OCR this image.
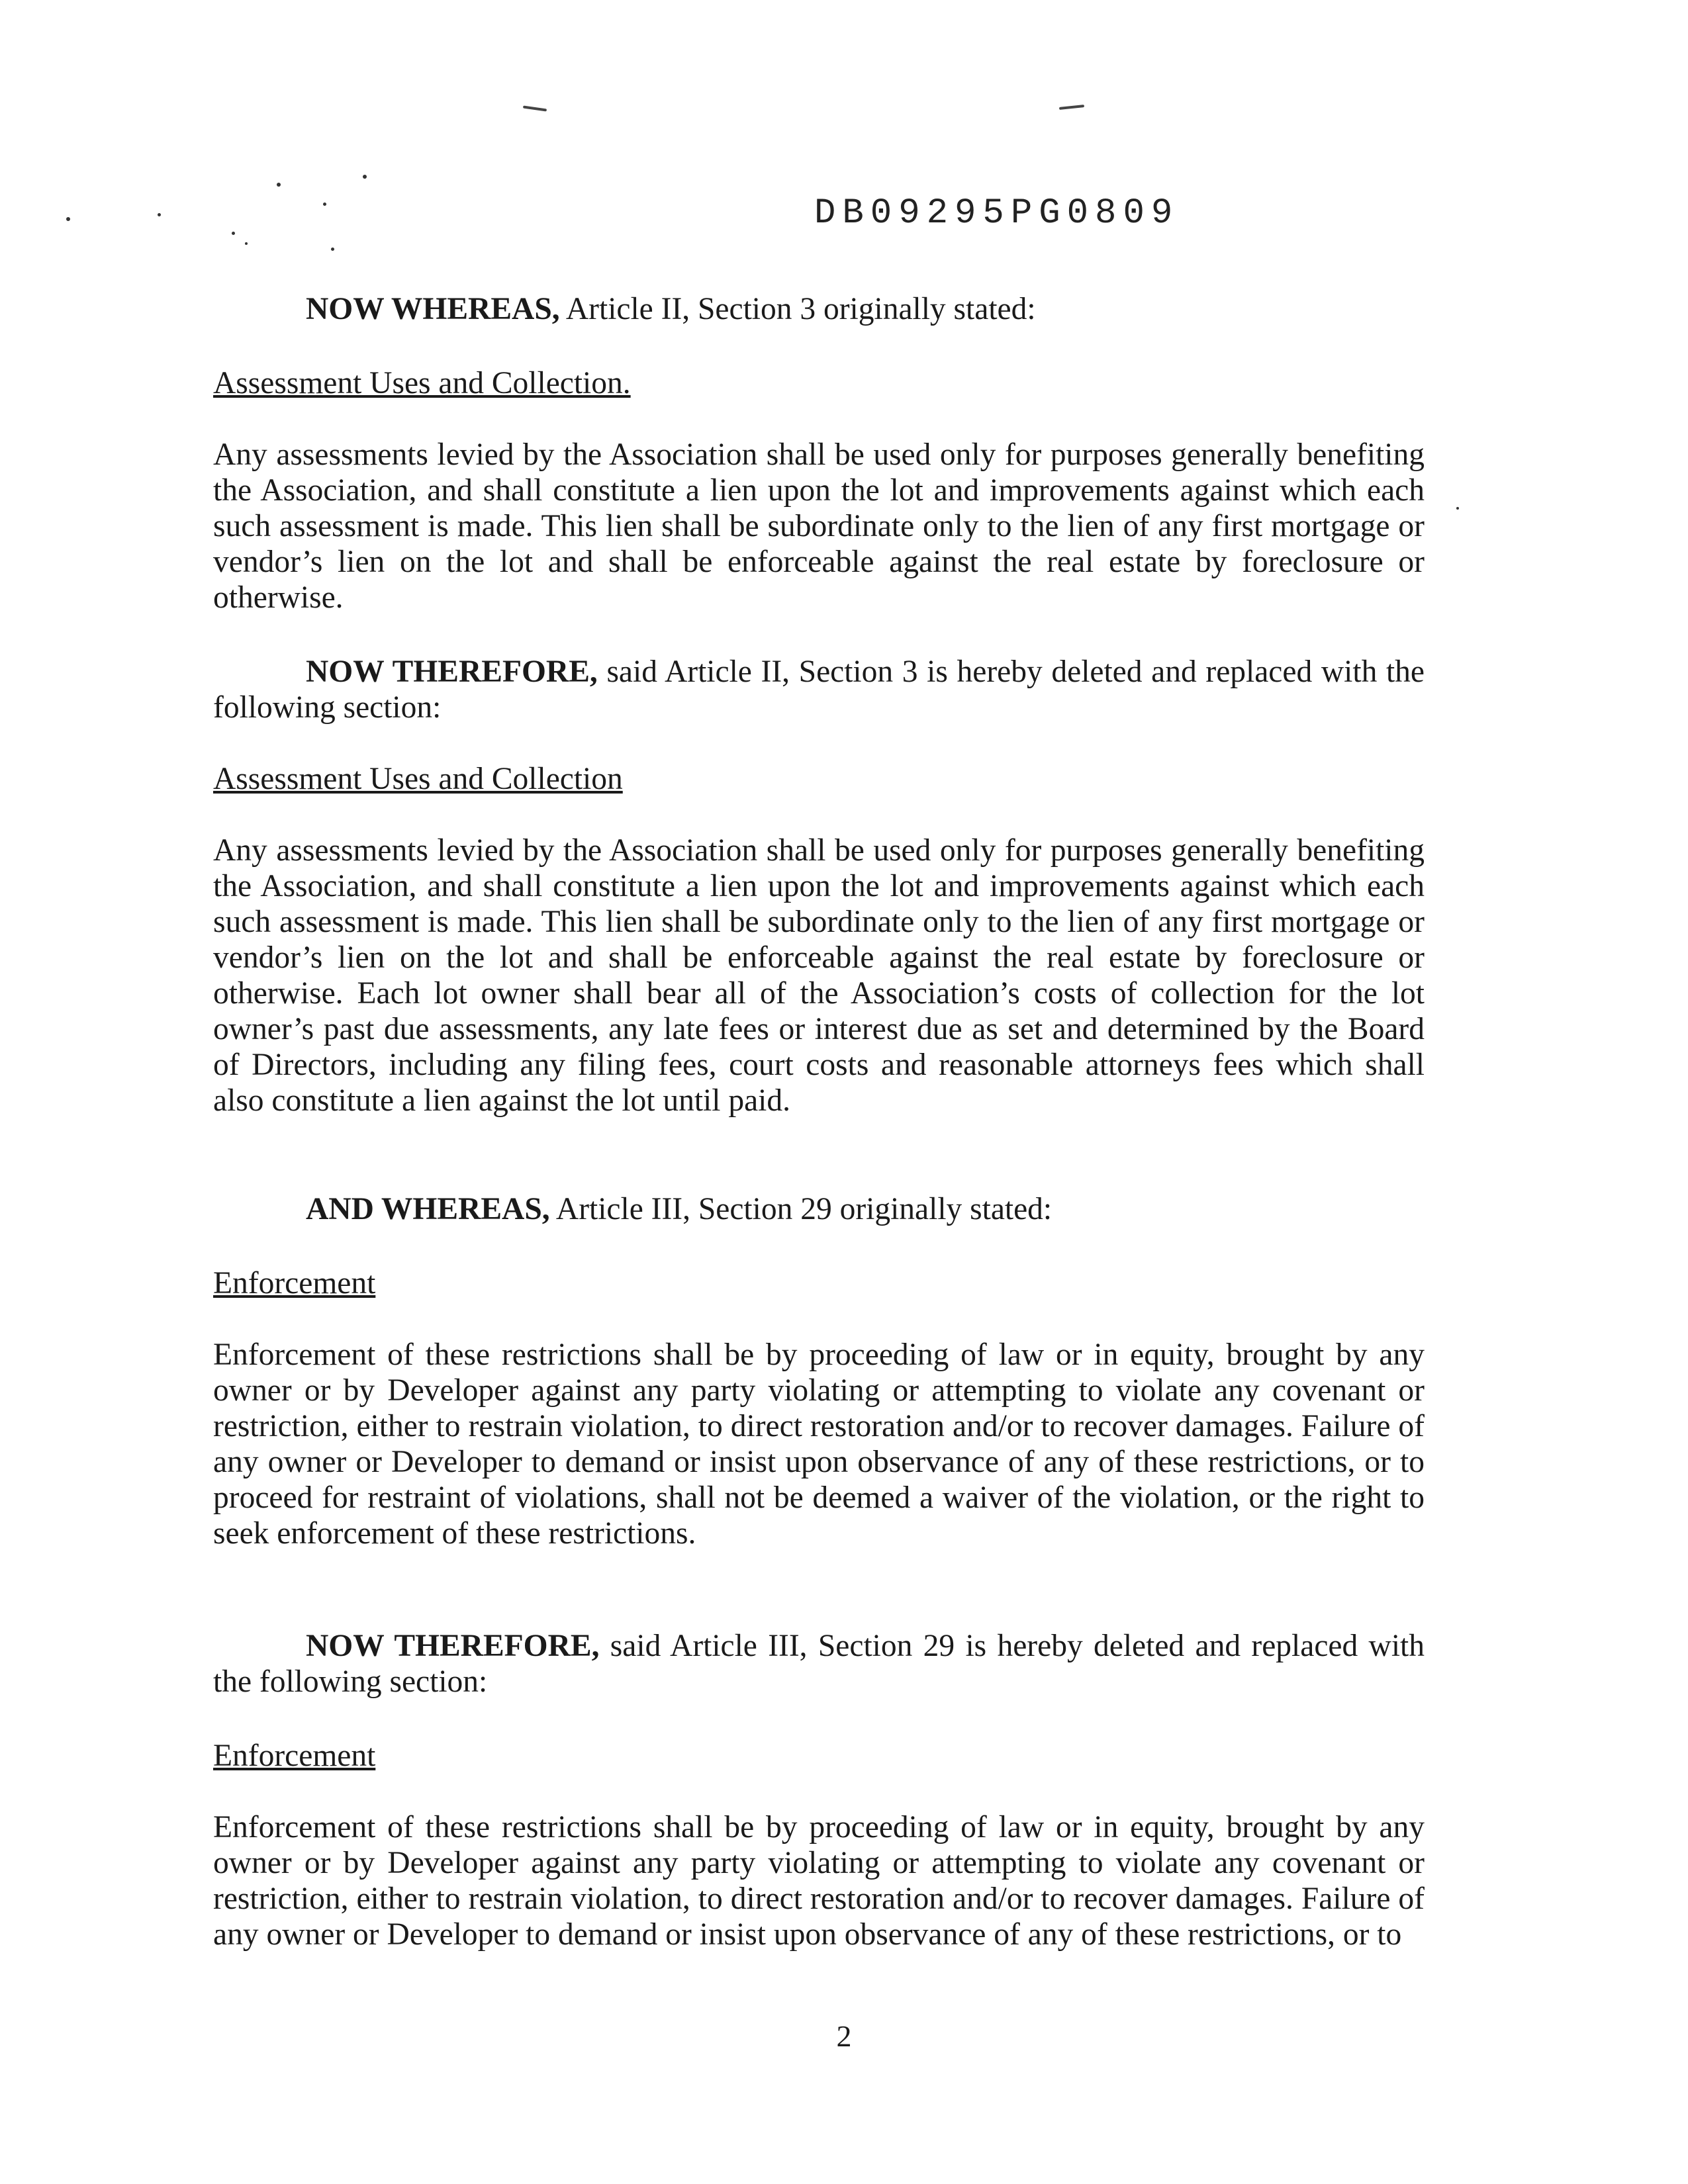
DB09295PG0809
NOW WHEREAS, Article II, Section 3 originally stated:
Assessment Uses and Collection.
Any assessments levied by the Association shall be used only for purposes generally benefiting the Association, and shall constitute a lien upon the lot and improvements against which each such assessment is made. This lien shall be subordinate only to the lien of any first mortgage or vendor’s lien on the lot and shall be enforceable against the real estate by foreclosure or otherwise.
NOW THEREFORE, said Article II, Section 3 is hereby deleted and replaced with the following section:
Assessment Uses and Collection
Any assessments levied by the Association shall be used only for purposes generally benefiting the Association, and shall constitute a lien upon the lot and improvements against which each such assessment is made. This lien shall be subordinate only to the lien of any first mortgage or vendor’s lien on the lot and shall be enforceable against the real estate by foreclosure or otherwise. Each lot owner shall bear all of the Association’s costs of collection for the lot owner’s past due assessments, any late fees or interest due as set and determined by the Board of Directors, including any filing fees, court costs and reasonable attorneys fees which shall also constitute a lien against the lot until paid.
AND WHEREAS, Article III, Section 29 originally stated:
Enforcement
Enforcement of these restrictions shall be by proceeding of law or in equity, brought by any owner or by Developer against any party violating or attempting to violate any covenant or restriction, either to restrain violation, to direct restoration and/or to recover damages. Failure of any owner or Developer to demand or insist upon observance of any of these restrictions, or to proceed for restraint of violations, shall not be deemed a waiver of the violation, or the right to seek enforcement of these restrictions.
NOW THEREFORE, said Article III, Section 29 is hereby deleted and replaced with the following section:
Enforcement
Enforcement of these restrictions shall be by proceeding of law or in equity, brought by any owner or by Developer against any party violating or attempting to violate any covenant or restriction, either to restrain violation, to direct restoration and/or to recover damages. Failure of any owner or Developer to demand or insist upon observance of any of these restrictions, or to
2
